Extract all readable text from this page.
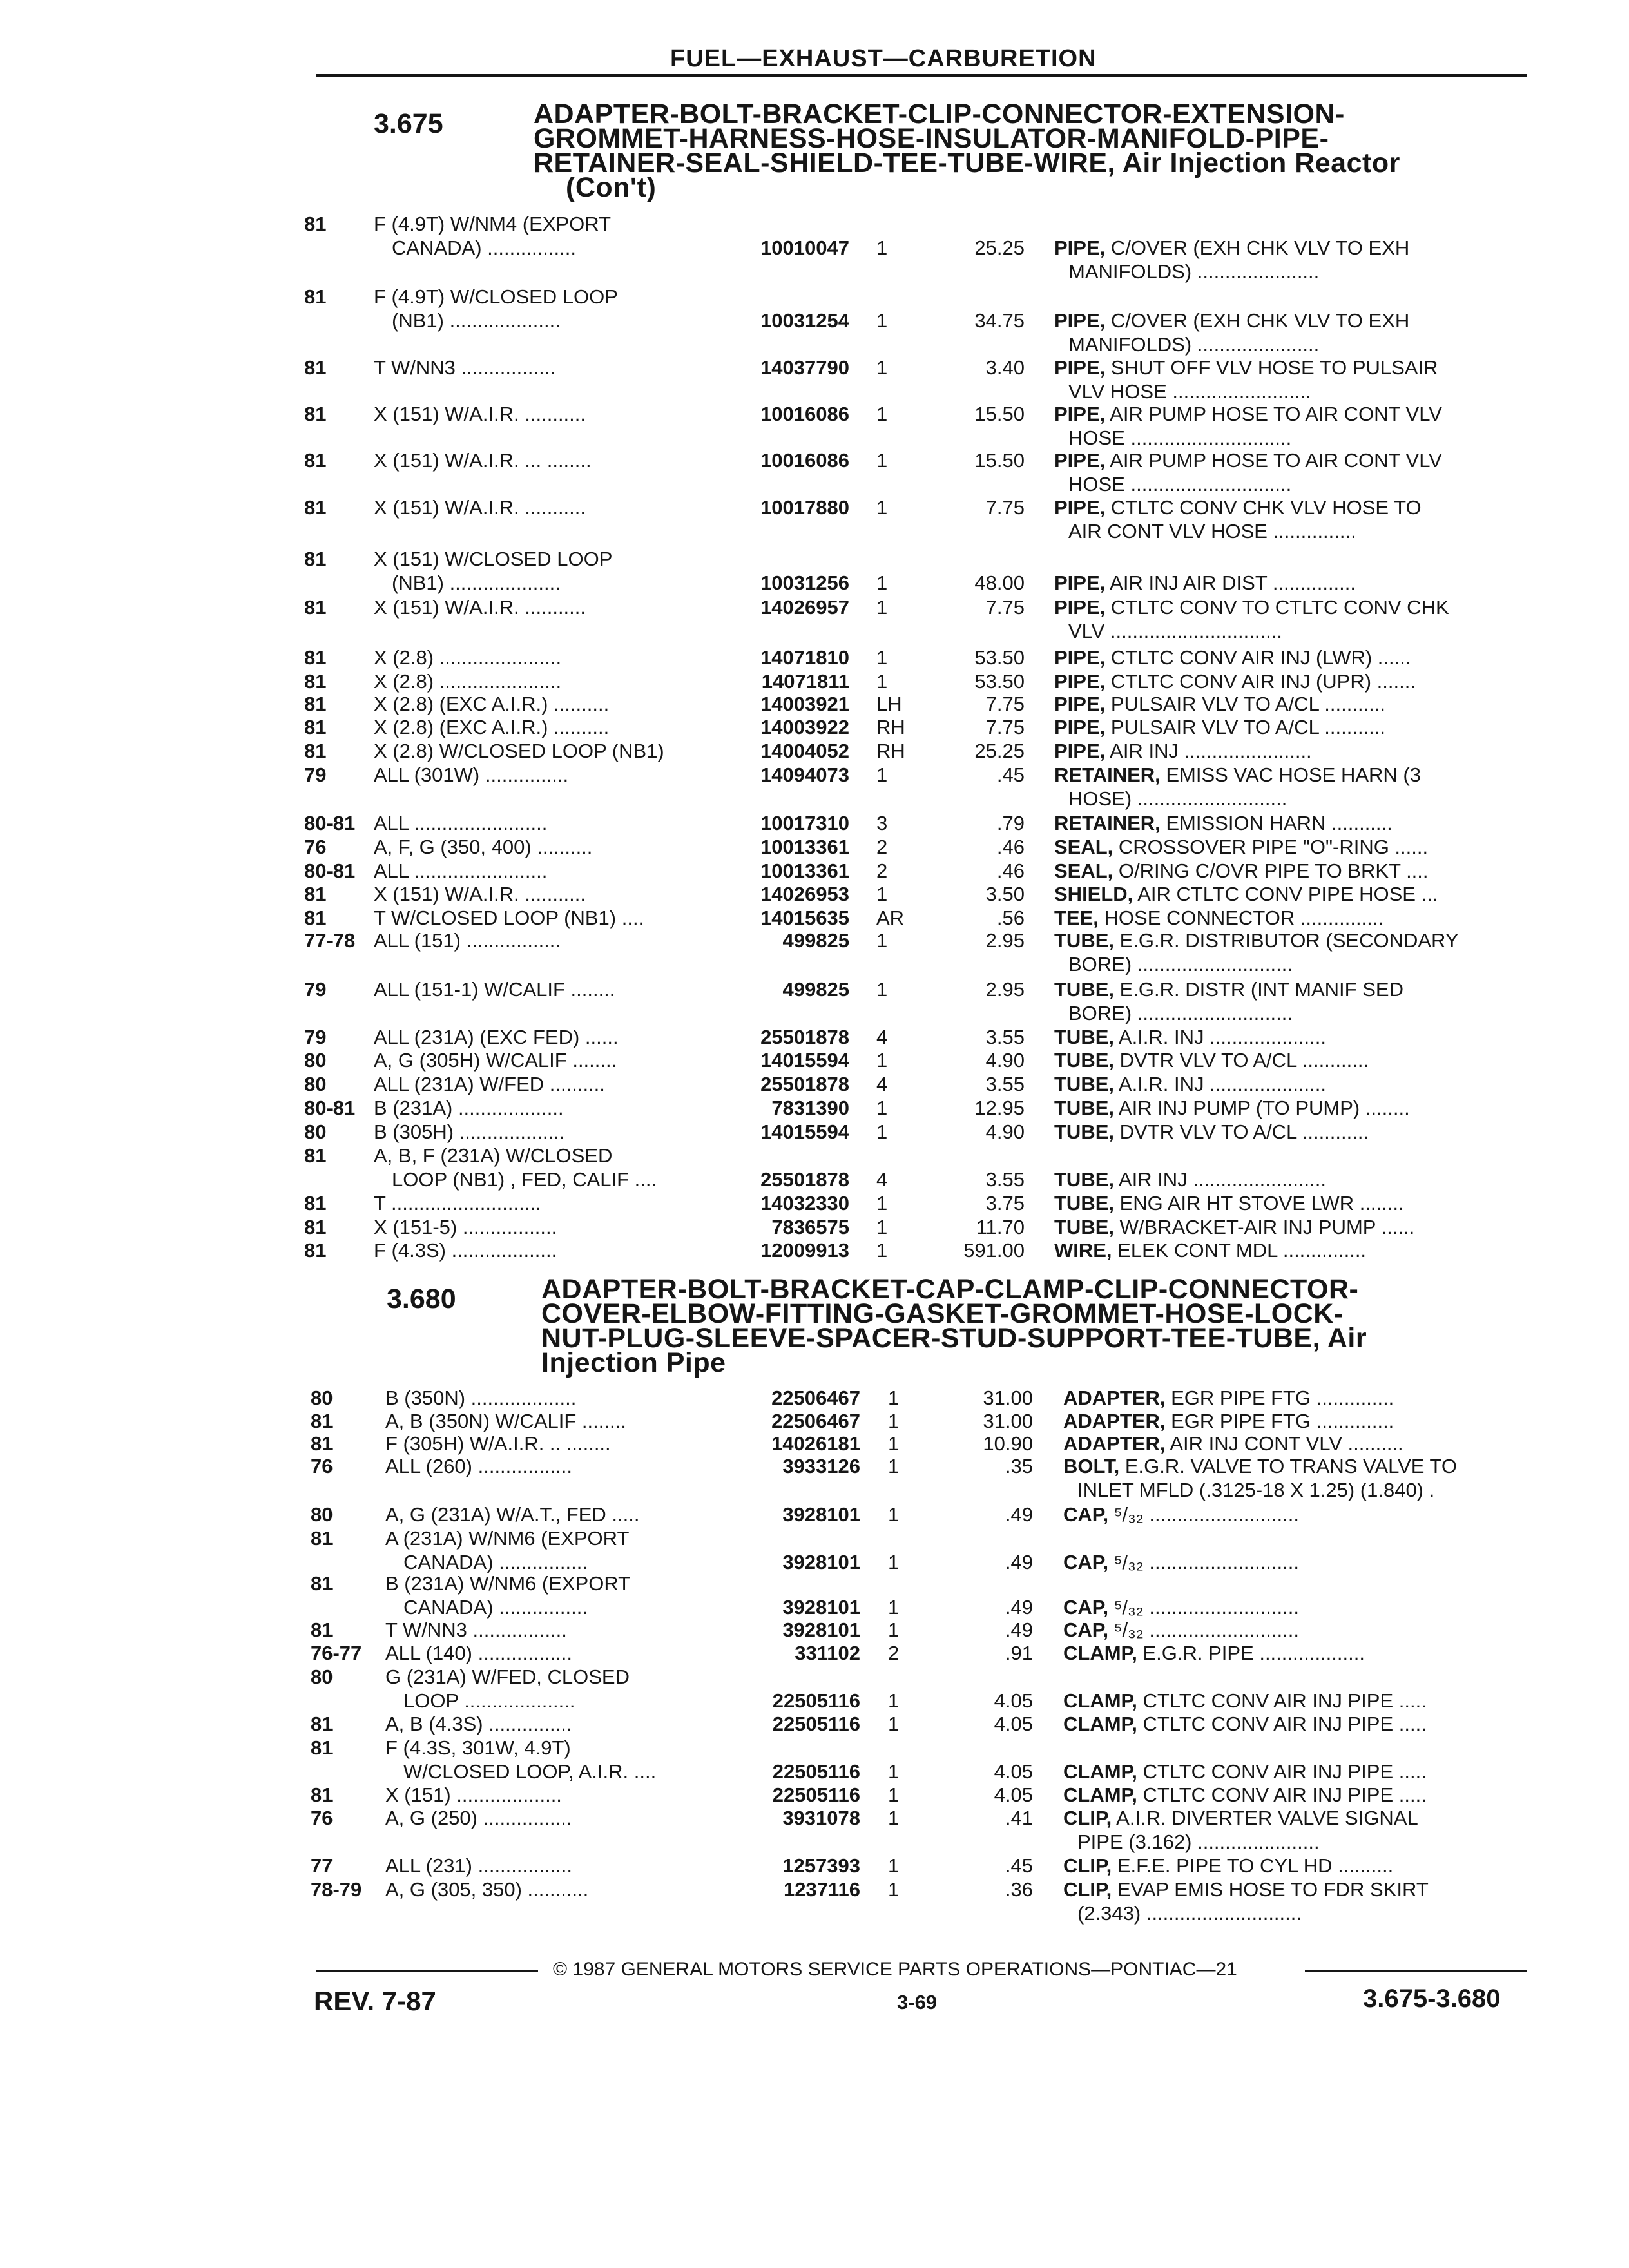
FUEL—EXHAUST—CARBURETION
3.675	ADAPTER-BOLT-BRACKET-CLIP-CONNECTOR-EXTENSION-
GROMMET-HARNESS-HOSE-INSULATOR-MANIFOLD-PIPE-
RETAINER-SEAL-SHIELD-TEE-TUBE-WIRE, Air Injection Reactor
(Con't)
81 F (4.9T) W/NM4 (EXPORT
CANADA) ................	10010047 1	25.25 PIPE, C/OVER (EXH CHK VLV TO EXH
MANIFOLDS) ......................
81 F (4.9T) W/CLOSED LOOP
(NB1) ....................	10031254 1	34.75 PIPE, C/OVER (EXH CHK VLV TO EXH
MANIFOLDS) ......................
81 T W/NN3 .................	14037790 1	3.40 PIPE, SHUT OFF VLV HOSE TO PULSAIR
VLV HOSE .........................
81 X (151) W/A.I.R. ...........	10016086 1	15.50 PIPE, AIR PUMP HOSE TO AIR CONT VLV
HOSE .............................
81 X (151) W/A.I.R. ... ........	10016086 1	15.50 PIPE, AIR PUMP HOSE TO AIR CONT VLV
HOSE .............................
81 X (151) W/A.I.R. ...........	10017880 1	7.75 PIPE, CTLTC CONV CHK VLV HOSE TO
AIR CONT VLV HOSE ...............
81 X (151) W/CLOSED LOOP
(NB1) ....................	10031256 1	48.00 PIPE, AIR INJ AIR DIST ...............
81 X (151) W/A.I.R. ...........	14026957 1	7.75 PIPE, CTLTC CONV TO CTLTC CONV CHK
VLV ...............................
81 X (2.8) ......................	14071810 1	53.50 PIPE, CTLTC CONV AIR INJ (LWR) ......
81 X (2.8) ......................	14071811 1	53.50 PIPE, CTLTC CONV AIR INJ (UPR) .......
81 X (2.8) (EXC A.I.R.) ..........	14003921 LH	7.75 PIPE, PULSAIR VLV TO A/CL ...........
81 X (2.8) (EXC A.I.R.) ..........	14003922 RH	7.75 PIPE, PULSAIR VLV TO A/CL ...........
81 X (2.8) W/CLOSED LOOP (NB1)	14004052 RH	25.25 PIPE, AIR INJ .......................
79 ALL (301W) ...............	14094073 1	.45 RETAINER, EMISS VAC HOSE HARN (3
HOSE) ...........................
80-81 ALL ........................	10017310 3	.79 RETAINER, EMISSION HARN ...........
76 A, F, G (350, 400) ..........	10013361 2	.46 SEAL, CROSSOVER PIPE "O"-RING ......
80-81 ALL ........................	10013361 2	.46 SEAL, O/RING C/OVR PIPE TO BRKT ....
81 X (151) W/A.I.R. ...........	14026953 1	3.50 SHIELD, AIR CTLTC CONV PIPE HOSE ...
81 T W/CLOSED LOOP (NB1) ....	14015635 AR	.56 TEE, HOSE CONNECTOR ...............
77-78 ALL (151) .................	499825 1	2.95 TUBE, E.G.R. DISTRIBUTOR (SECONDARY
BORE) ............................
79 ALL (151-1) W/CALIF ........	499825 1	2.95 TUBE, E.G.R. DISTR (INT MANIF SED
BORE) ............................
79 ALL (231A) (EXC FED) ......	25501878 4	3.55 TUBE, A.I.R. INJ .....................
80 A, G (305H) W/CALIF ........	14015594 1	4.90 TUBE, DVTR VLV TO A/CL ............
80 ALL (231A) W/FED ..........	25501878 4	3.55 TUBE, A.I.R. INJ .....................
80-81 B (231A) ...................	7831390 1	12.95 TUBE, AIR INJ PUMP (TO PUMP) ........
80 B (305H) ...................	14015594 1	4.90 TUBE, DVTR VLV TO A/CL ............
81 A, B, F (231A) W/CLOSED
LOOP (NB1) , FED, CALIF ....	25501878 4	3.55 TUBE, AIR INJ ........................
81 T ...........................	14032330 1	3.75 TUBE, ENG AIR HT STOVE LWR ........
81 X (151-5) .................	7836575 1	11.70 TUBE, W/BRACKET-AIR INJ PUMP ......
81 F (4.3S) ...................	12009913 1	591.00 WIRE, ELEK CONT MDL ...............
3.680	ADAPTER-BOLT-BRACKET-CAP-CLAMP-CLIP-CONNECTOR-
COVER-ELBOW-FITTING-GASKET-GROMMET-HOSE-LOCK-
NUT-PLUG-SLEEVE-SPACER-STUD-SUPPORT-TEE-TUBE, Air
Injection Pipe
80	B (350N) ...................	22506467 1	31.00 ADAPTER, EGR PIPE FTG ..............
81	A, B (350N) W/CALIF ........	22506467 1	31.00 ADAPTER, EGR PIPE FTG ..............
81	F (305H) W/A.I.R. .. ........	14026181 1	10.90 ADAPTER, AIR INJ CONT VLV ..........
76	ALL (260) .................	3933126 1	.35 BOLT, E.G.R. VALVE TO TRANS VALVE TO
INLET MFLD (.3125-18 X 1.25) (1.840) .
80	A, G (231A) W/A.T., FED .....	3928101 1	.49 CAP, ⁵/₃₂ ...........................
81	A (231A) W/NM6 (EXPORT
CANADA) ................	3928101 1	.49 CAP, ⁵/₃₂ ...........................
81	B (231A) W/NM6 (EXPORT
CANADA) ................	3928101 1	.49 CAP, ⁵/₃₂ ...........................
81	T W/NN3 .................	3928101 1	.49 CAP, ⁵/₃₂ ...........................
76-77 ALL (140) .................	331102 2	.91 CLAMP, E.G.R. PIPE ...................
80	G (231A) W/FED, CLOSED
LOOP ....................	22505116 1	4.05 CLAMP, CTLTC CONV AIR INJ PIPE .....
81	A, B (4.3S) ...............	22505116 1	4.05 CLAMP, CTLTC CONV AIR INJ PIPE .....
81	F (4.3S, 301W, 4.9T)
W/CLOSED LOOP, A.I.R. ....	22505116 1	4.05 CLAMP, CTLTC CONV AIR INJ PIPE .....
81	X (151) ...................	22505116 1	4.05 CLAMP, CTLTC CONV AIR INJ PIPE .....
76	A, G (250) ................	3931078 1	.41 CLIP, A.I.R. DIVERTER VALVE SIGNAL
PIPE (3.162) ......................
77	ALL (231) .................	1257393 1	.45 CLIP, E.F.E. PIPE TO CYL HD ..........
78-79 A, G (305, 350) ...........	1237116 1	.36 CLIP, EVAP EMIS HOSE TO FDR SKIRT
(2.343) ............................
© 1987 GENERAL MOTORS SERVICE PARTS OPERATIONS—PONTIAC—21
REV. 7-87	3-69	3.675-3.680
